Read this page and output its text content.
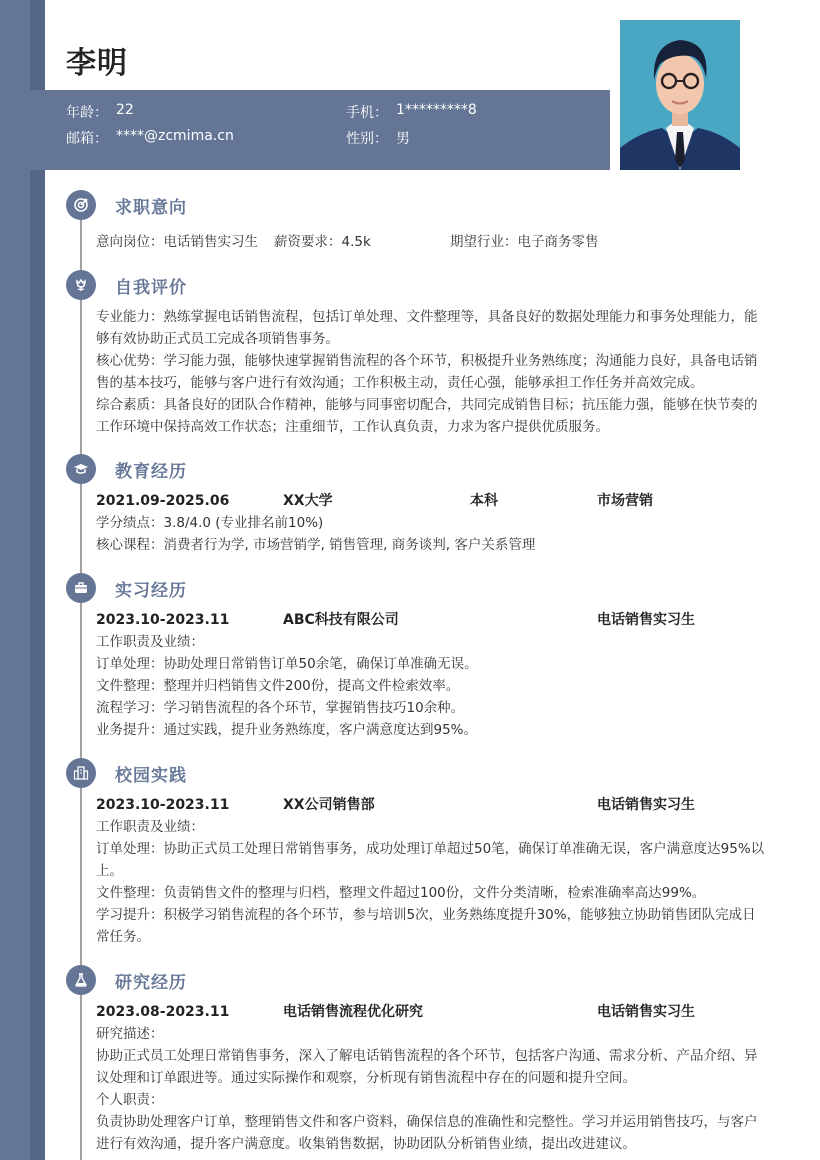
李明
年龄： 22
邮箱： ****@zcmima.cn
手机： 1*********8
性别： 男
求职意向
意向岗位：电话销售实习生 薪资要求：4.5k	期望行业：电子商务零售
自我评价

专业能力：熟练掌握电话销售流程，包括订单处理、文件整理等，具备良好的数据处理能力和事务处理能力，能够有效协助正式员工完成各项销售事务。

核心优势：学习能力强，能够快速掌握销售流程的各个环节，积极提升业务熟练度；沟通能力良好，具备电话销售的基本技巧，能够与客户进行有效沟通；工作积极主动，责任心强，能够承担工作任务并高效完成。

综合素质：具备良好的团队合作精神，能够与同事密切配合，共同完成销售目标；抗压能力强，能够在快节奏的工作环境中保持高效工作状态；注重细节，工作认真负责，力求为客户提供优质服务。

教育经历
2021.09-2025.06	XX大学	本科	市场营销

学分绩点：3.8/4.0 (专业排名前10%)

核心课程：消费者行为学, 市场营销学, 销售管理, 商务谈判, 客户关系管理

实习经历
2023.10-2023.11	ABC科技有限公司	电话销售实习生

工作职责及业绩：

订单处理：协助处理日常销售订单50余笔，确保订单准确无误。

文件整理：整理并归档销售文件200份，提高文件检索效率。

流程学习：学习销售流程的各个环节，掌握销售技巧10余种。

业务提升：通过实践，提升业务熟练度，客户满意度达到95%。

校园实践
2023.10-2023.11	XX公司销售部	电话销售实习生

工作职责及业绩：

订单处理：协助正式员工处理日常销售事务，成功处理订单超过50笔，确保订单准确无误，客户满意度达95%以上。

文件整理：负责销售文件的整理与归档，整理文件超过100份，文件分类清晰，检索准确率高达99%。

学习提升：积极学习销售流程的各个环节，参与培训5次，业务熟练度提升30%，能够独立协助销售团队完成日常任务。

研究经历
2023.08-2023.11	电话销售流程优化研究	电话销售实习生

研究描述：

协助正式员工处理日常销售事务，深入了解电话销售流程的各个环节，包括客户沟通、需求分析、产品介绍、异议处理和订单跟进等。通过实际操作和观察，分析现有销售流程中存在的问题和提升空间。

个人职责：

负责协助处理客户订单，整理销售文件和客户资料，确保信息的准确性和完整性。学习并运用销售技巧，与客户进行有效沟通，提升客户满意度。收集销售数据，协助团队分析销售业绩，提出改进建议。
